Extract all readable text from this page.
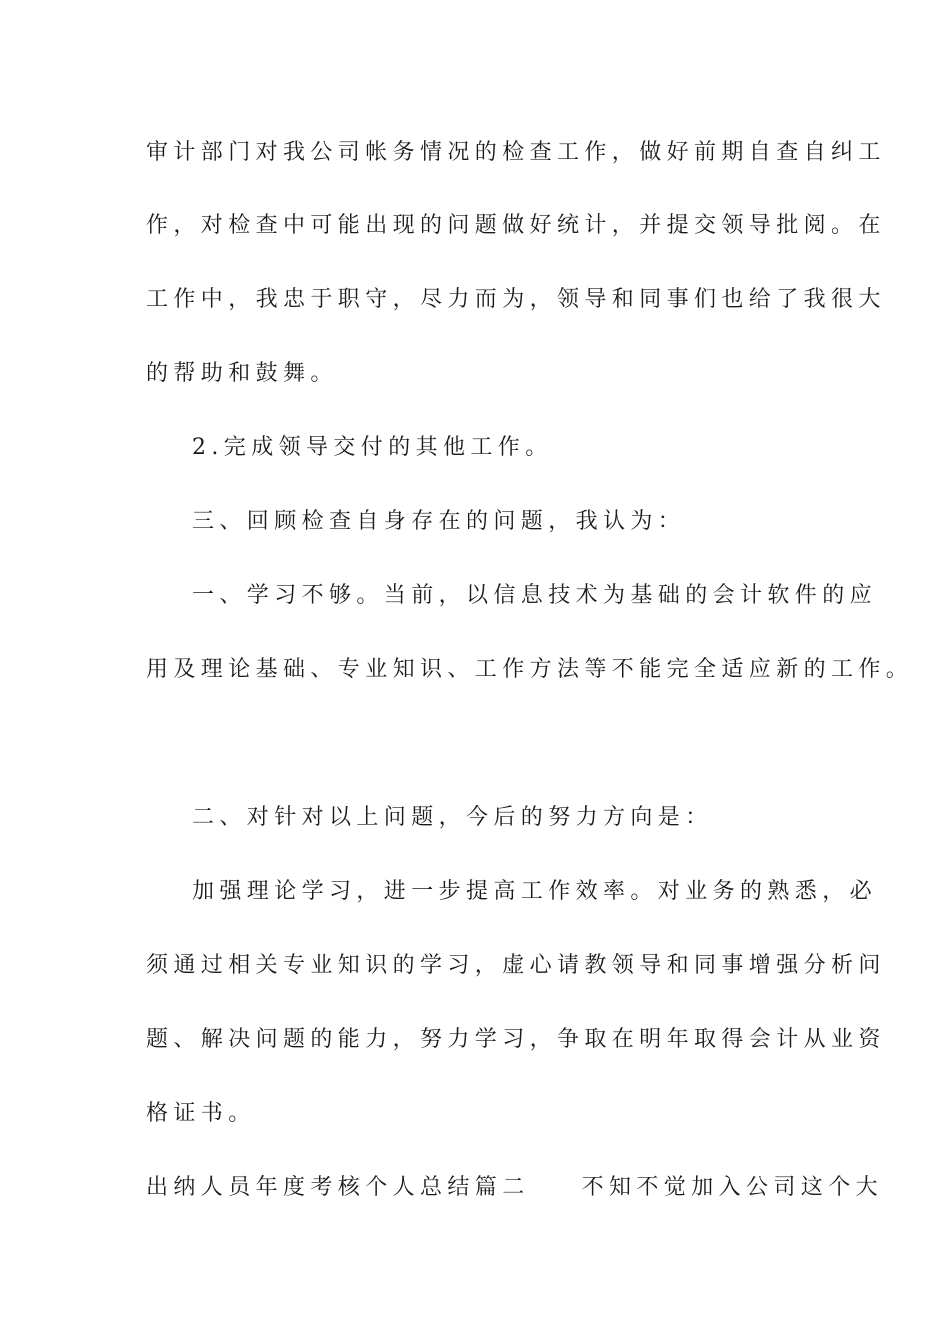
审计部门对我公司帐务情况的检查工作，做好前期自查自纠工
作，对检查中可能出现的问题做好统计，并提交领导批阅。在
工作中，我忠于职守，尽力而为，领导和同事们也给了我很大
的帮助和鼓舞。
2.完成领导交付的其他工作。
三、回顾检查自身存在的问题，我认为：
一、学习不够。当前，以信息技术为基础的会计软件的应
用及理论基础、专业知识、工作方法等不能完全适应新的工作。
二、对针对以上问题，今后的努力方向是：
加强理论学习，进一步提高工作效率。对业务的熟悉，必
须通过相关专业知识的学习，虚心请教领导和同事增强分析问
题、解决问题的能力，努力学习，争取在明年取得会计从业资
格证书。
出纳人员年度考核个人总结篇二 不知不觉加入公司这个大
